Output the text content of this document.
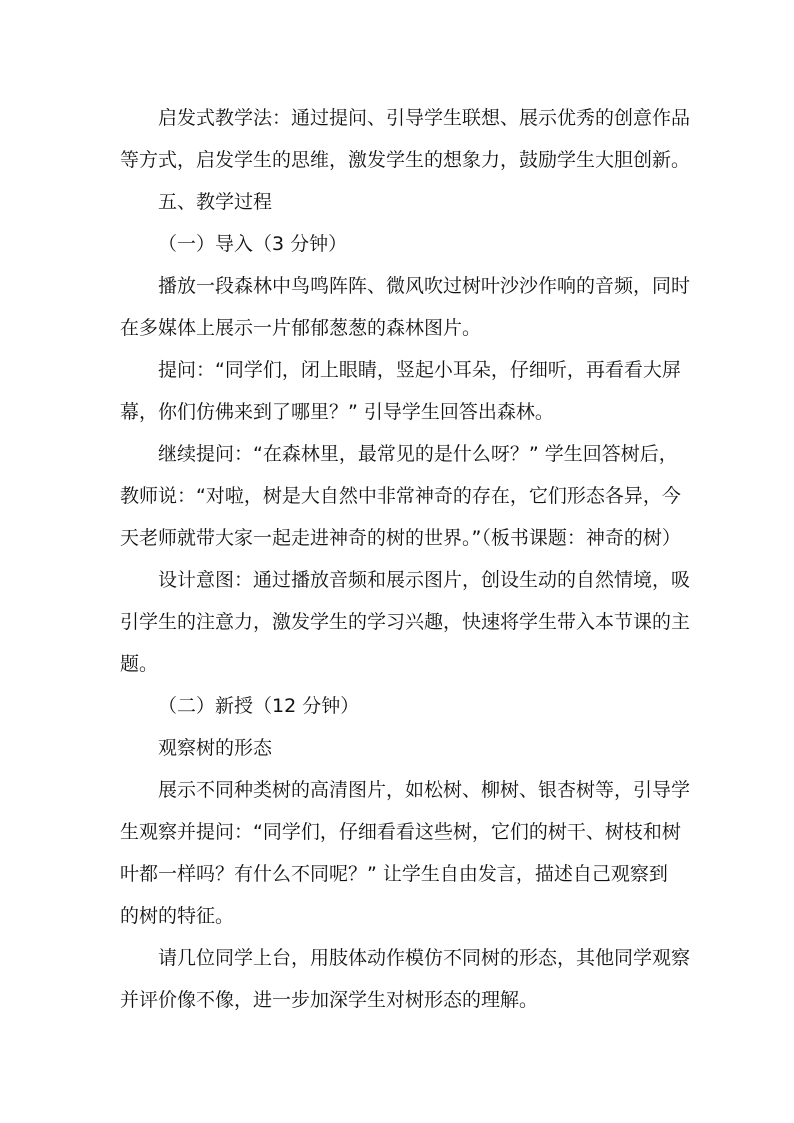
启发式教学法：通过提问、引导学生联想、展示优秀的创意作品
等方式，启发学生的思维，激发学生的想象力，鼓励学生大胆创新。
五、教学过程
（一）导入（3 分钟）
播放一段森林中鸟鸣阵阵、微风吹过树叶沙沙作响的音频，同时
在多媒体上展示一片郁郁葱葱的森林图片。
提问：“同学们，闭上眼睛，竖起小耳朵，仔细听，再看看大屏
幕，你们仿佛来到了哪里？” 引导学生回答出森林。
继续提问：“在森林里，最常见的是什么呀？” 学生回答树后，
教师说：“对啦，树是大自然中非常神奇的存在，它们形态各异，今
天老师就带大家一起走进神奇的树的世界。”（板书课题：神奇的树）
设计意图：通过播放音频和展示图片，创设生动的自然情境，吸
引学生的注意力，激发学生的学习兴趣，快速将学生带入本节课的主
题。
（二）新授（12 分钟）
观察树的形态
展示不同种类树的高清图片，如松树、柳树、银杏树等，引导学
生观察并提问：“同学们，仔细看看这些树，它们的树干、树枝和树
叶都一样吗？有什么不同呢？” 让学生自由发言，描述自己观察到
的树的特征。
请几位同学上台，用肢体动作模仿不同树的形态，其他同学观察
并评价像不像，进一步加深学生对树形态的理解。
